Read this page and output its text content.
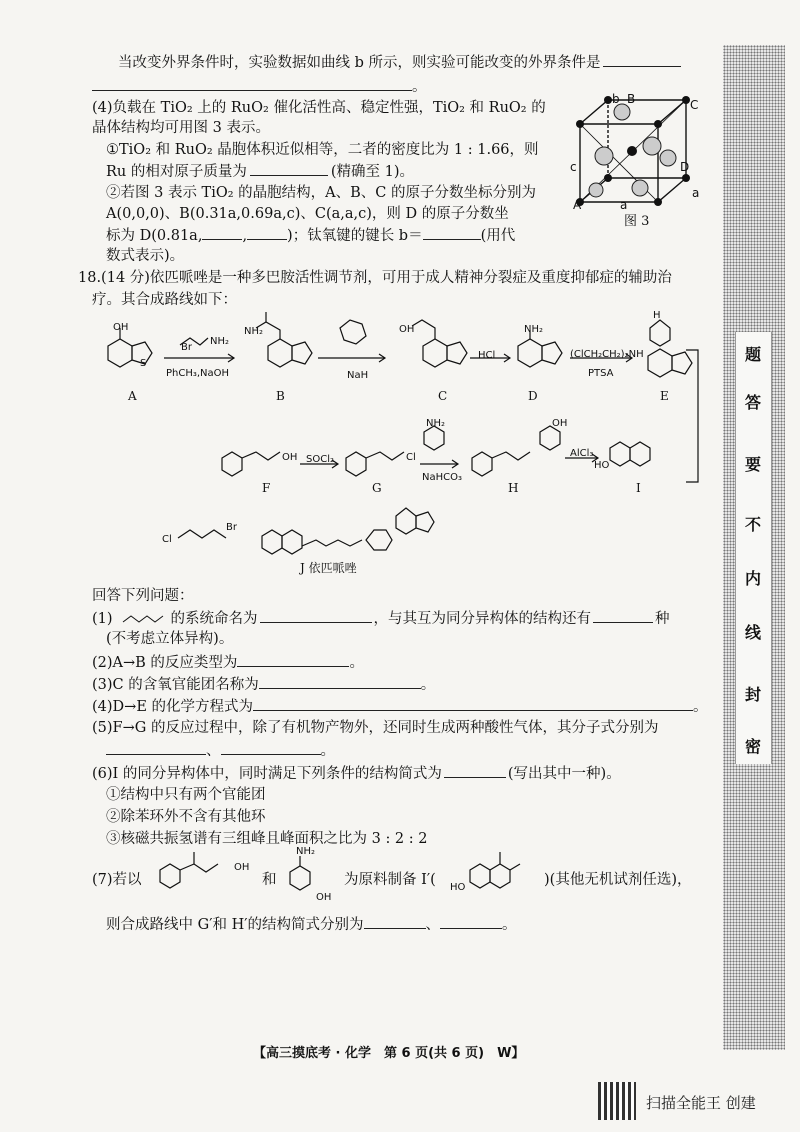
当改变外界条件时，实验数据如曲线 b 所示，则实验可能改变的外界条件是
。
(4)负载在 TiO₂ 上的 RuO₂ 催化活性高、稳定性强，TiO₂ 和 RuO₂ 的
晶体结构均可用图 3 表示。
①TiO₂ 和 RuO₂ 晶胞体积近似相等，二者的密度比为 1 : 1.66，则
Ru 的相对原子质量为	(精确至 1)。
②若图 3 表示 TiO₂ 的晶胞结构，A、B、C 的原子分数坐标分别为
A(0,0,0)、B(0.31a,0.69a,c)、C(a,a,c)，则 D 的原子分数坐
标为 D(0.81a,	,	)；钛氧键的键长 b＝	(用代
数式表示)。
b B	C
c
A	a
a
D
图 3
18.(14 分)依匹哌唑是一种多巴胺活性调节剂，可用于成人精神分裂症及重度抑郁症的辅助治
疗。其合成路线如下：
OH
S
Br
NH₂
PhCH₃,NaOH
NH₂
NaH
OH
HCl
NH₂
(ClCH₂CH₂)₂NH
PTSA
H
OH SOCl₂	Cl
NH₂
NaHCO₃
OH
AlCl₃
HO
Cl
Br
A	B	C	D	E
F	G	H	I
J 依匹哌唑
回答下列问题：
(1)	的系统命名为	，与其互为同分异构体的结构还有	种
(不考虑立体异构)。
(2)A→B 的反应类型为	。
(3)C 的含氧官能团名称为	。
(4)D→E 的化学方程式为	。
(5)F→G 的反应过程中，除了有机物产物外，还同时生成两种酸性气体，其分子式分别为
、	。
(6)I 的同分异构体中，同时满足下列条件的结构简式为	(写出其中一种)。
①结构中只有两个官能团
②除苯环外不含有其他环
③核磁共振氢谱有三组峰且峰面积之比为 3 : 2 : 2
OH
NH₂
OH
HO
(7)若以	和	为原料制备 I′(	)(其他无机试剂任选)，
则合成路线中 G′和 H′的结构简式分别为	、	。
题
答
要
不
内
线
封
密
【高三摸底考 · 化学　第 6 页(共 6 页)　W】
扫描全能王 创建
